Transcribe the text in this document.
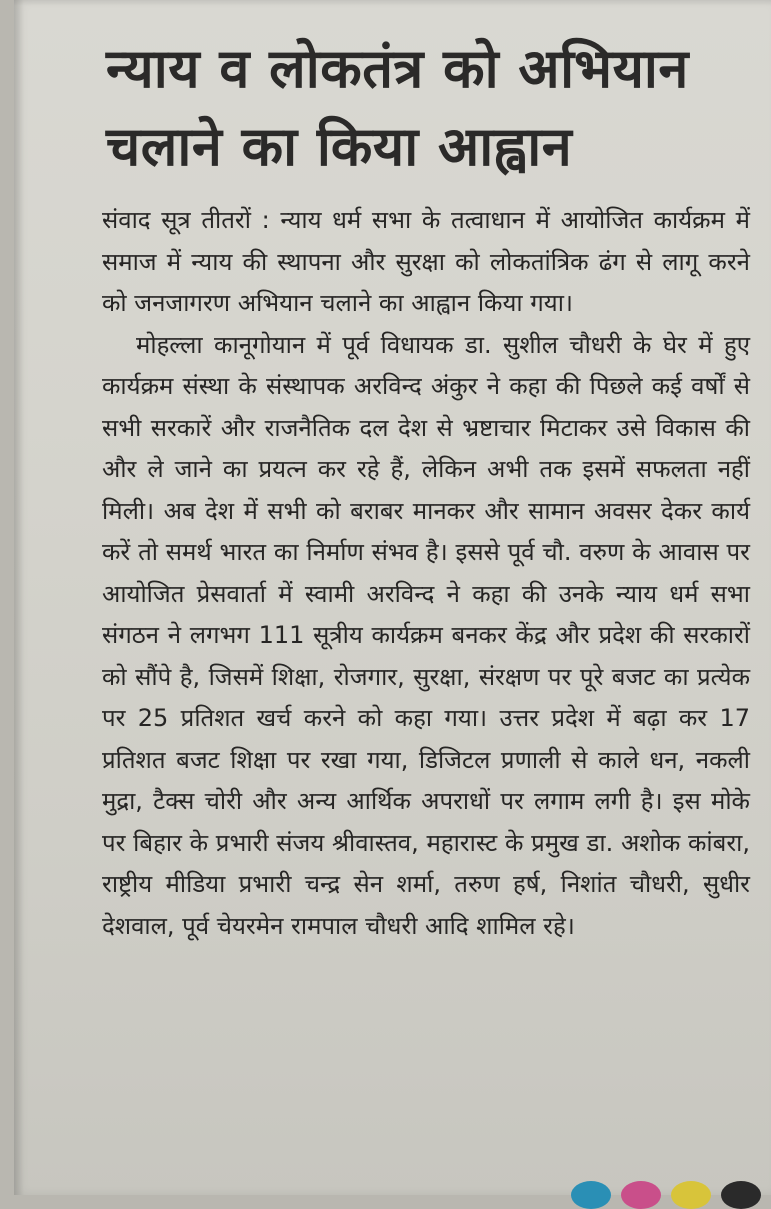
न्याय व लोकतंत्र को अभियान
चलाने का किया आह्वान

संवाद सूत्र तीतरों : न्याय धर्म सभा के तत्वाधान में आयोजित कार्यक्रम में समाज में न्याय की स्थापना और सुरक्षा को लोकतांत्रिक ढंग से लागू करने को जनजागरण अभियान चलाने का आह्वान किया गया।

मोहल्ला कानूगोयान में पूर्व विधायक डा. सुशील चौधरी के घेर में हुए कार्यक्रम संस्था के संस्थापक अरविन्द अंकुर ने कहा की पिछले कई वर्षों से सभी सरकारें और राजनैतिक दल देश से भ्रष्टाचार मिटाकर उसे विकास की और ले जाने का प्रयत्न कर रहे हैं, लेकिन अभी तक इसमें सफलता नहीं मिली। अब देश में सभी को बराबर मानकर और सामान अवसर देकर कार्य करें तो समर्थ भारत का निर्माण संभव है। इससे पूर्व चौ. वरुण के आवास पर आयोजित प्रेसवार्ता में स्वामी अरविन्द ने कहा की उनके न्याय धर्म सभा संगठन ने लगभग 111 सूत्रीय कार्यक्रम बनकर केंद्र और प्रदेश की सरकारों को सौंपे है, जिसमें शिक्षा, रोजगार, सुरक्षा, संरक्षण पर पूरे बजट का प्रत्येक पर 25 प्रतिशत खर्च करने को कहा गया। उत्तर प्रदेश में बढ़ा कर 17 प्रतिशत बजट शिक्षा पर रखा गया, डिजिटल प्रणाली से काले धन, नकली मुद्रा, टैक्स चोरी और अन्य आर्थिक अपराधों पर लगाम लगी है। इस मोके पर बिहार के प्रभारी संजय श्रीवास्तव, महारास्ट के प्रमुख डा. अशोक कांबरा, राष्ट्रीय मीडिया प्रभारी चन्द्र सेन शर्मा, तरुण हर्ष, निशांत चौधरी, सुधीर देशवाल, पूर्व चेयरमेन रामपाल चौधरी आदि शामिल रहे।
